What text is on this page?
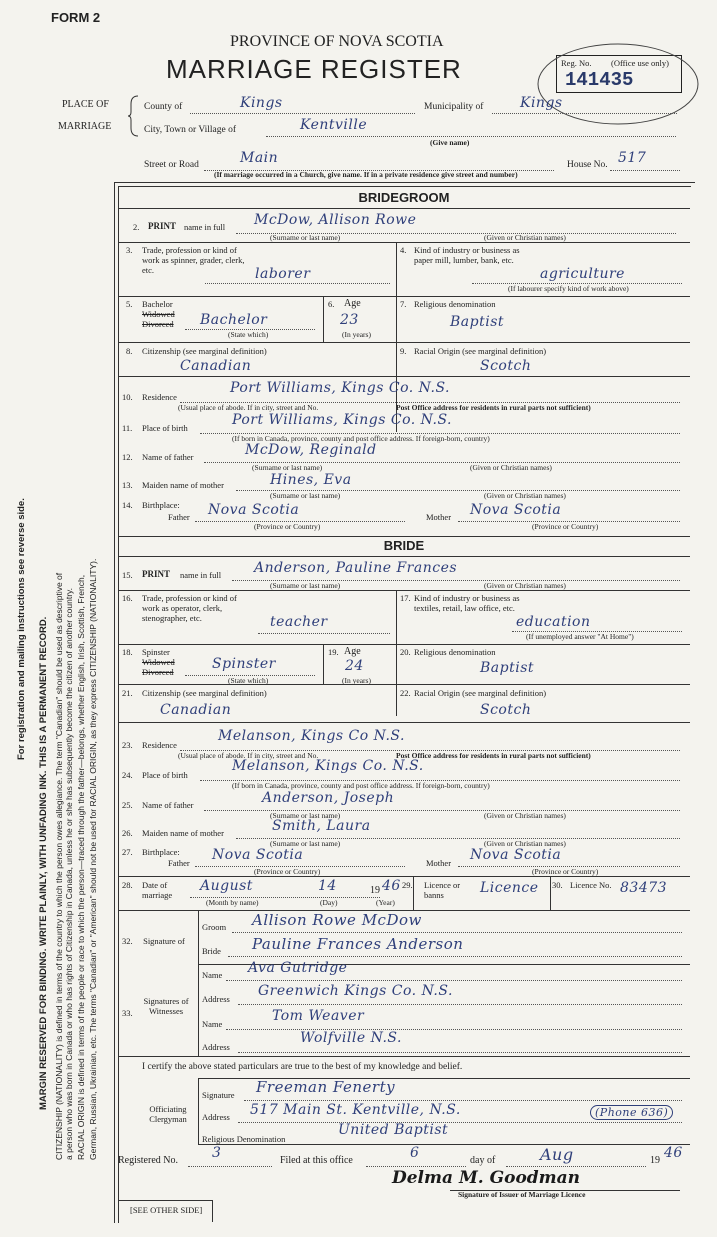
FORM 2
PROVINCE OF NOVA SCOTIA
MARRIAGE REGISTER	Reg. No. (Office use only)
141435
PLACE OF
MARRIAGE
County of	Kings	Municipality of	Kings
City, Town or Village of	Kentville
(Give name)
Street or Road	Main	House No. 517
(If marriage occurred in a Church, give name. If in a private residence give street and number)
MARGIN RESERVED FOR BINDING. WRITE PLAINLY, WITH UNFADING INK. THIS IS A PERMANENT RECORD.
For registration and mailing instructions see reverse side.	CITIZENSHIP (NATIONALITY) is defined in terms of the country to which the person owes allegiance. The term "Canadian" should be used as descriptive of a person who was born in Canada or who has rights of Citizenship in Canada, unless he or she has subsequently become the citizen of another country. RACIAL ORIGIN is defined in terms of the people or race to which the person—traced through the father—belongs, whether English, Irish, Scottish, French, German, Russian, Ukrainian, etc. The terms "Canadian" or "American" should not be used for RACIAL ORIGIN, as they express CITIZENSHIP (NATIONALITY).
BRIDEGROOM
2. PRINT name in full McDow, Allison Rowe
(Surname or last name)	(Given or Christian names)
3. Trade, profession or kind of work as spinner, grader, clerk, etc.	laborer
4. Kind of industry or business as paper mill, lumber, bank, etc.
agriculture
(If labourer specify kind of work above)
5. Bachelor
Widowed
Divorced Bachelor
(State which)
6. Age
23
(In years)
7. Religious denomination
Baptist
8. Citizenship (see marginal definition)
Canadian
9. Racial Origin (see marginal definition)
Scotch
10. Residence
Port Williams, Kings Co. N.S.
(Usual place of abode. If in city, street and No.	Post Office address for residents in rural parts not sufficient)
11. Place of birth	Port Williams, Kings Co. N.S.
(If born in Canada, province, county and post office address. If foreign-born, country)
12. Name of father	McDow, Reginald
(Surname or last name)	(Given or Christian names)
13. Maiden name of mother	Hines, Eva
(Surname or last name)	(Given or Christian names)
14. Birthplace:
Father Nova Scotia
(Province or Country)
Mother Nova Scotia
(Province or Country)
BRIDE
15. PRINT name in full Anderson, Pauline Frances
(Surname or last name)	(Given or Christian names)
16. Trade, profession or kind of work as operator, clerk, stenographer, etc.	teacher
17. Kind of industry or business as textiles, retail, law office, etc.
education
(If unemployed answer "At Home")
18. Spinster
Widowed
Divorced	Spinster
(State which)
19. Age
24
(In years)
20. Religious denomination
Baptist
21. Citizenship (see marginal definition)
Canadian
22. Racial Origin (see marginal definition)
Scotch
23. Residence
Melanson, Kings Co N.S.
(Usual place of abode. If in city, street and No.	Post Office address for residents in rural parts not sufficient)
24. Place of birth
Melanson, Kings Co. N.S.
(If born in Canada, province, county and post office address. If foreign-born, country)
25. Name of father	Anderson, Joseph
(Surname or last name)	(Given or Christian names)
26. Maiden name of mother	Smith, Laura
(Surname or last name)	(Given or Christian names)
27. Birthplace:
Father Nova Scotia
(Province or Country)
Mother Nova Scotia
(Province or Country)
28. Date of marriage
August	14	19 46
(Month by name)	(Day)	(Year)
29. Licence or banns	Licence 30. Licence No. 83473
32. Signature of
Groom Allison Rowe McDow
Bride Pauline Frances Anderson
33.
Signatures of Witnesses
Name Ava Gutridge
Address Greenwich Kings Co. N.S.
Name	Tom Weaver
Address
Wolfville N.S.
I certify the above stated particulars are true to the best of my knowledge and belief.
Officiating Clergyman
Signature Freeman Fenerty
Address 517 Main St. Kentville, N.S.	(Phone 636)
Religious Denomination
United Baptist
Registered No. 3	Filed at this office	6	day of	Aug	19 46
Delma M. Goodman
Signature of Issuer of Marriage Licence
[SEE OTHER SIDE]
